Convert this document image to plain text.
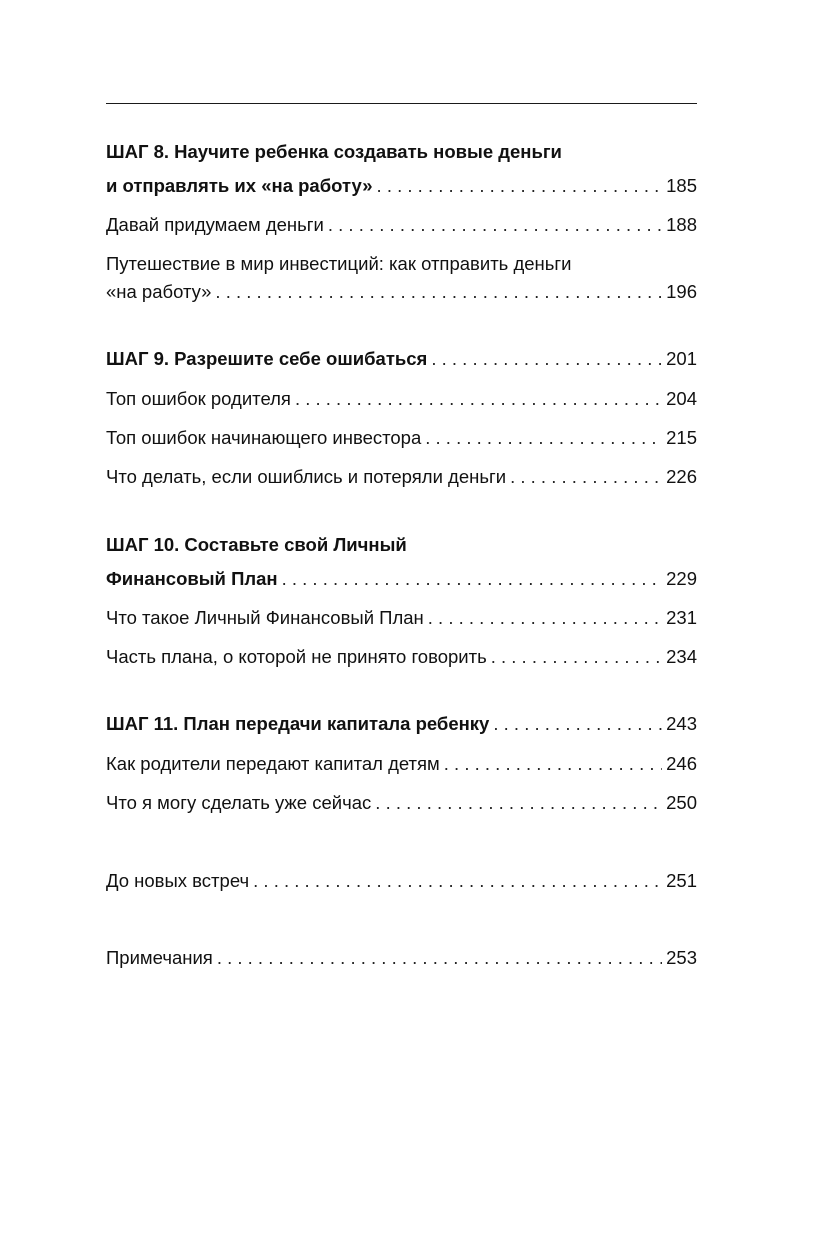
ШАГ 8. Научите ребенка создавать новые деньги
и отправлять их «на работу» . . .	185
Давай придумаем деньги . . .	188
Путешествие в мир инвестиций: как отправить деньги
«на работу» . . .	196
ШАГ 9. Разрешите себе ошибаться . . .	201
Топ ошибок родителя . . .	204
Топ ошибок начинающего инвестора . . .	215
Что делать, если ошиблись и потеряли деньги . . .	226
ШАГ 10. Составьте свой Личный
Финансовый План . . .	229
Что такое Личный Финансовый План . . .	231
Часть плана, о которой не принято говорить . . .	234
ШАГ 11. План передачи капитала ребенку . . .	243
Как родители передают капитал детям . . .	246
Что я могу сделать уже сейчас . . .	250
До новых встреч . . .	251
Примечания . . .	253
